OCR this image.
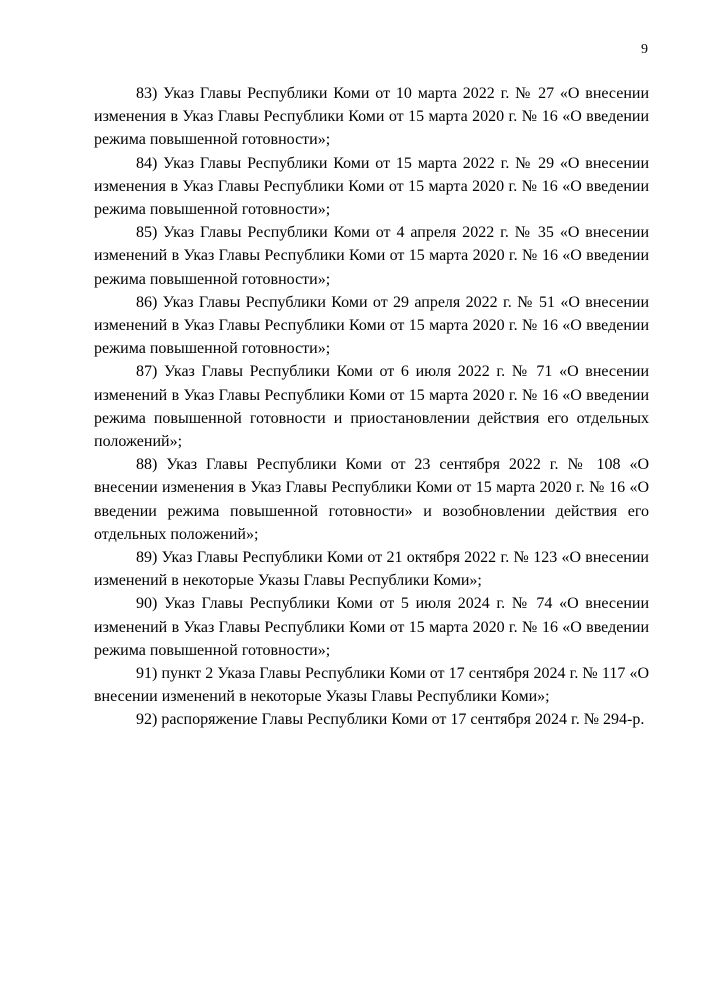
9

83) Указ Главы Республики Коми от 10 марта 2022 г. № 27 «О внесении изменения в Указ Главы Республики Коми от 15 марта 2020 г. № 16 «О введении режима повышенной готовности»;

84) Указ Главы Республики Коми от 15 марта 2022 г. № 29 «О внесении изменения в Указ Главы Республики Коми от 15 марта 2020 г. № 16 «О введении режима повышенной готовности»;

85) Указ Главы Республики Коми от 4 апреля 2022 г. № 35 «О внесении изменений в Указ Главы Республики Коми от 15 марта 2020 г. № 16 «О введении режима повышенной готовности»;

86) Указ Главы Республики Коми от 29 апреля 2022 г. № 51 «О внесении изменений в Указ Главы Республики Коми от 15 марта 2020 г. № 16 «О введении режима повышенной готовности»;

87) Указ Главы Республики Коми от 6 июля 2022 г. № 71 «О внесении изменений в Указ Главы Республики Коми от 15 марта 2020 г. № 16 «О введении режима повышенной готовности и приостановлении действия его отдельных положений»;

88) Указ Главы Республики Коми от 23 сентября 2022 г. № 108 «О внесении изменения в Указ Главы Республики Коми от 15 марта 2020 г. № 16 «О введении режима повышенной готовности» и возобновлении действия его отдельных положений»;

89) Указ Главы Республики Коми от 21 октября 2022 г. № 123 «О внесении изменений в некоторые Указы Главы Республики Коми»;

90) Указ Главы Республики Коми от 5 июля 2024 г. № 74 «О внесении изменений в Указ Главы Республики Коми от 15 марта 2020 г. № 16 «О введении режима повышенной готовности»;

91) пункт 2 Указа Главы Республики Коми от 17 сентября 2024 г. № 117 «О внесении изменений в некоторые Указы Главы Республики Коми»;

92) распоряжение Главы Республики Коми от 17 сентября 2024 г. № 294-р.
